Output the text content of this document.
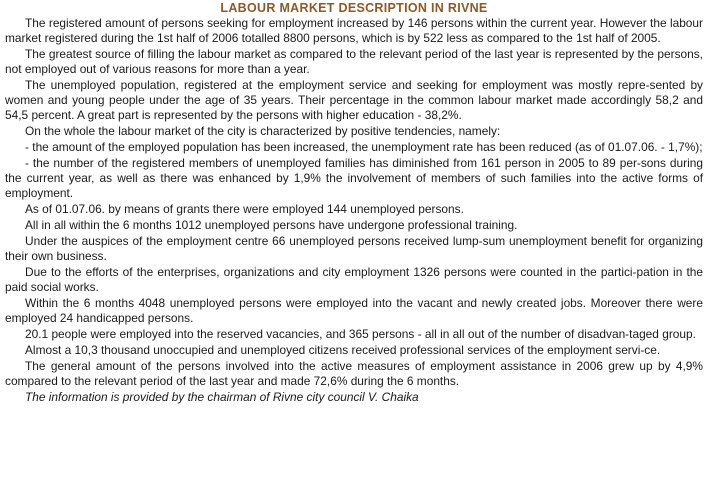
LABOUR MARKET DESCRIPTION IN RIVNE

The registered amount of persons seeking for employment increased by 146 persons within the current year. However the labour market registered during the 1st half of 2006 totalled 8800 persons, which is by 522 less as compared to the 1st half of 2005.

The greatest source of filling the labour market as compared to the relevant period of the last year is represented by the persons, not employed out of various reasons for more than a year.

The unemployed population, registered at the employment service and seeking for employment was mostly repre-sented by women and young people under the age of 35 years. Their percentage in the common labour market made accordingly 58,2 and 54,5 percent. A great part is represented by the persons with higher education - 38,2%.

On the whole the labour market of the city is characterized by positive tendencies, namely:

- the amount of the employed population has been increased, the unemployment rate has been reduced (as of 01.07.06. - 1,7%);

- the number of the registered members of unemployed families has diminished from 161 person in 2005 to 89 per-sons during the current year, as well as there was enhanced by 1,9% the involvement of members of such families into the active forms of employment.

As of 01.07.06. by means of grants there were employed 144 unemployed persons.

All in all within the 6 months 1012 unemployed persons have undergone professional training.

Under the auspices of the employment centre 66 unemployed persons received lump-sum unemployment benefit for organizing their own business.

Due to the efforts of the enterprises, organizations and city employment 1326 persons were counted in the partici-pation in the paid social works.

Within the 6 months 4048 unemployed persons were employed into the vacant and newly created jobs. Moreover there were employed 24 handicapped persons.

20.1 people were employed into the reserved vacancies, and 365 persons - all in all out of the number of disadvan-taged group.

Almost a 10,3 thousand unoccupied and unemployed citizens received professional services of the employment servi-ce.

The general amount of the persons involved into the active measures of employment assistance in 2006 grew up by 4,9% compared to the relevant period of the last year and made 72,6% during the 6 months.

The information is provided by the chairman of Rivne city council V. Chaika
